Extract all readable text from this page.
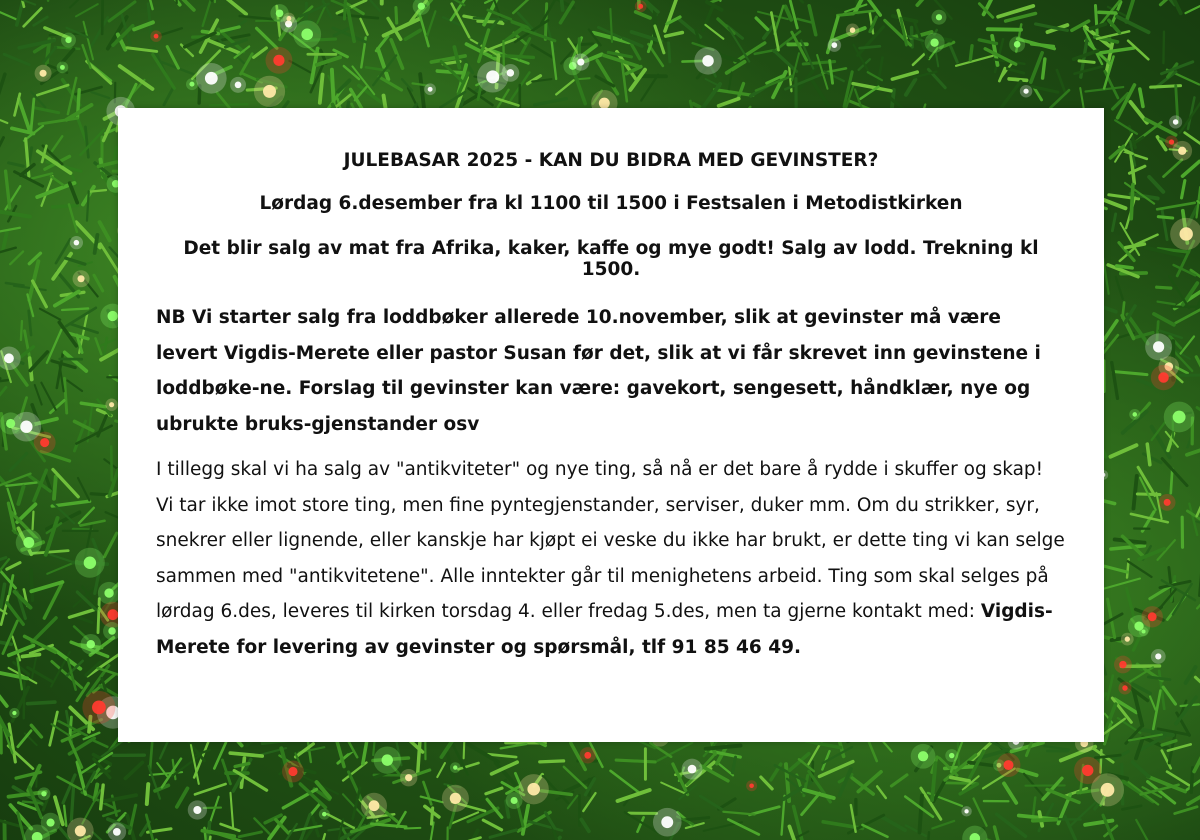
JULEBASAR 2025 - KAN DU BIDRA MED GEVINSTER?

Lørdag 6.desember fra kl 1100 til 1500 i Festsalen i Metodistkirken

Det blir salg av mat fra Afrika, kaker, kaffe og mye godt! Salg av lodd. Trekning kl 1500.

NB Vi starter salg fra loddbøker allerede 10.november, slik at gevinster må være levert Vigdis-Merete eller pastor Susan før det, slik at vi får skrevet inn gevinstene i loddbøke-ne. Forslag til gevinster kan være: gavekort, sengesett, håndklær, nye og ubrukte bruks-gjenstander osv

I tillegg skal vi ha salg av "antikviteter" og nye ting, så nå er det bare å rydde i skuffer og skap! Vi tar ikke imot store ting, men fine pyntegjenstander, serviser, duker mm. Om du strikker, syr, snekrer eller lignende, eller kanskje har kjøpt ei veske du ikke har brukt, er dette ting vi kan selge sammen med "antikvitetene". Alle inntekter går til menighetens arbeid. Ting som skal selges på lørdag 6.des, leveres til kirken torsdag 4. eller fredag 5.des, men ta gjerne kontakt med: Vigdis-Merete for levering av gevinster og spørsmål, tlf 91 85 46 49.
